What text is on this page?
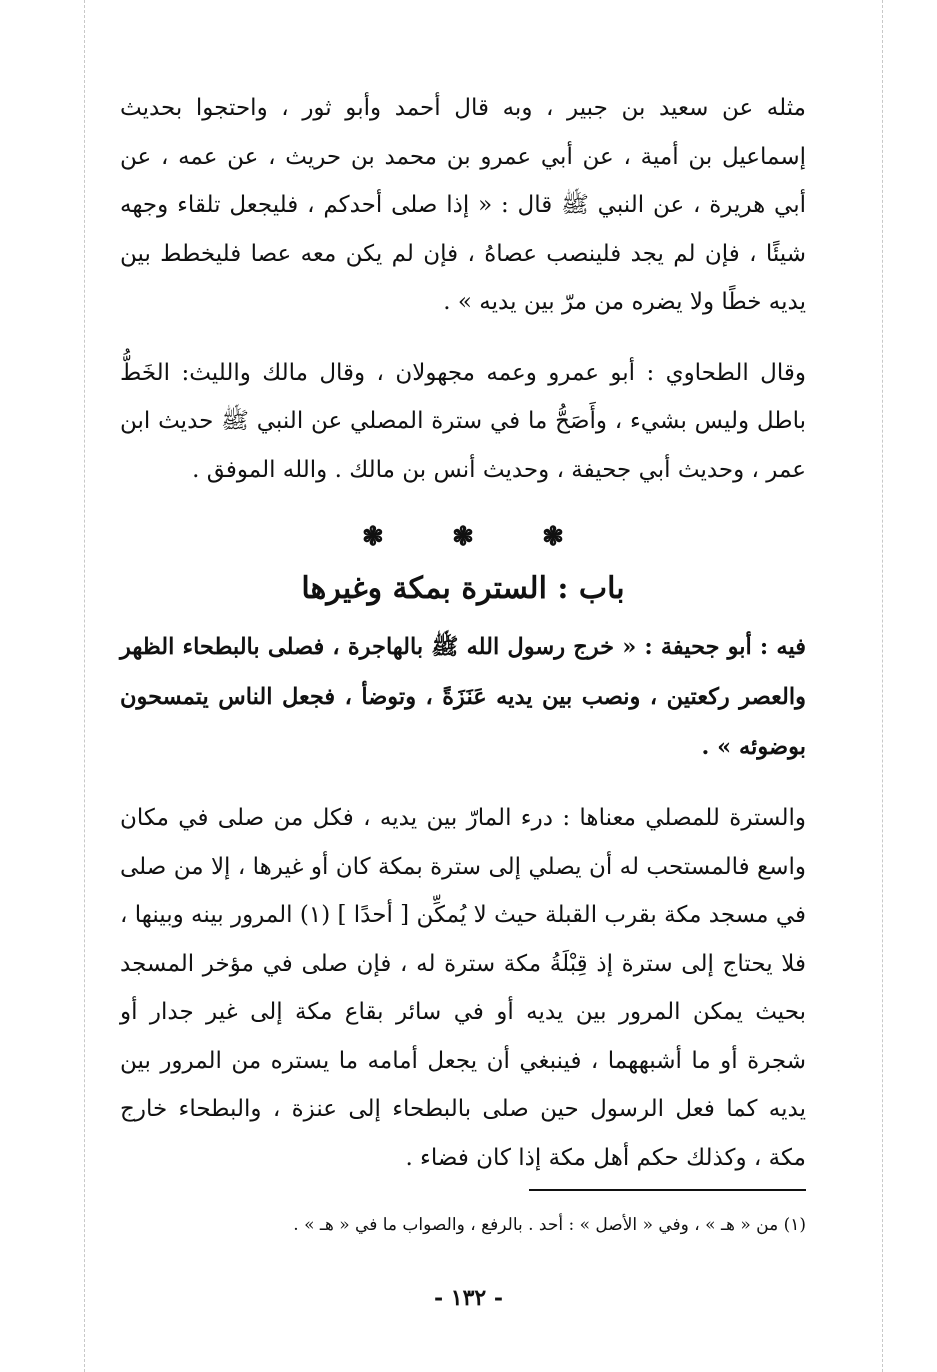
مثله عن سعيد بن جبير ، وبه قال أحمد وأبو ثور ، واحتجوا بحديث إسماعيل بن أمية ، عن أبي عمرو بن محمد بن حريث ، عن عمه ، عن أبي هريرة ، عن النبي ﷺ قال : « إذا صلى أحدكم ، فليجعل تلقاء وجهه شيئًا ، فإن لم يجد فلينصب عصاهُ ، فإن لم يكن معه عصا فليخطط بين يديه خطًا ولا يضره من مرّ بين يديه » .

وقال الطحاوي : أبو عمرو وعمه مجهولان ، وقال مالك والليث: الخَطُّ باطل وليس بشيء ، وأَصَحُّ ما في سترة المصلي عن النبي ﷺ حديث ابن عمر ، وحديث أبي جحيفة ، وحديث أنس بن مالك . والله الموفق .

❃	❃	❃
باب : السترة بمكة وغيرها

فيه : أبو جحيفة : « خرج رسول الله ﷺ بالهاجرة ، فصلى بالبطحاء الظهر والعصر ركعتين ، ونصب بين يديه عَنَزَةً ، وتوضأ ، فجعل الناس يتمسحون بوضوئه » .

والسترة للمصلي معناها : درء المارّ بين يديه ، فكل من صلى في مكان واسع فالمستحب له أن يصلي إلى سترة بمكة كان أو غيرها ، إلا من صلى في مسجد مكة بقرب القبلة حيث لا يُمكِّن [ أحدًا ] (١) المرور بينه وبينها ، فلا يحتاج إلى سترة إذ قِبْلَةُ مكة سترة له ، فإن صلى في مؤخر المسجد بحيث يمكن المرور بين يديه أو في سائر بقاع مكة إلى غير جدار أو شجرة أو ما أشبههما ، فينبغي أن يجعل أمامه ما يستره من المرور بين يديه كما فعل الرسول حين صلى بالبطحاء إلى عنزة ، والبطحاء خارج مكة ، وكذلك حكم أهل مكة إذا كان فضاء .

(١) من « هـ » ، وفي « الأصل » : أحد . بالرفع ، والصواب ما في « هـ » .
- ١٣٢ -
